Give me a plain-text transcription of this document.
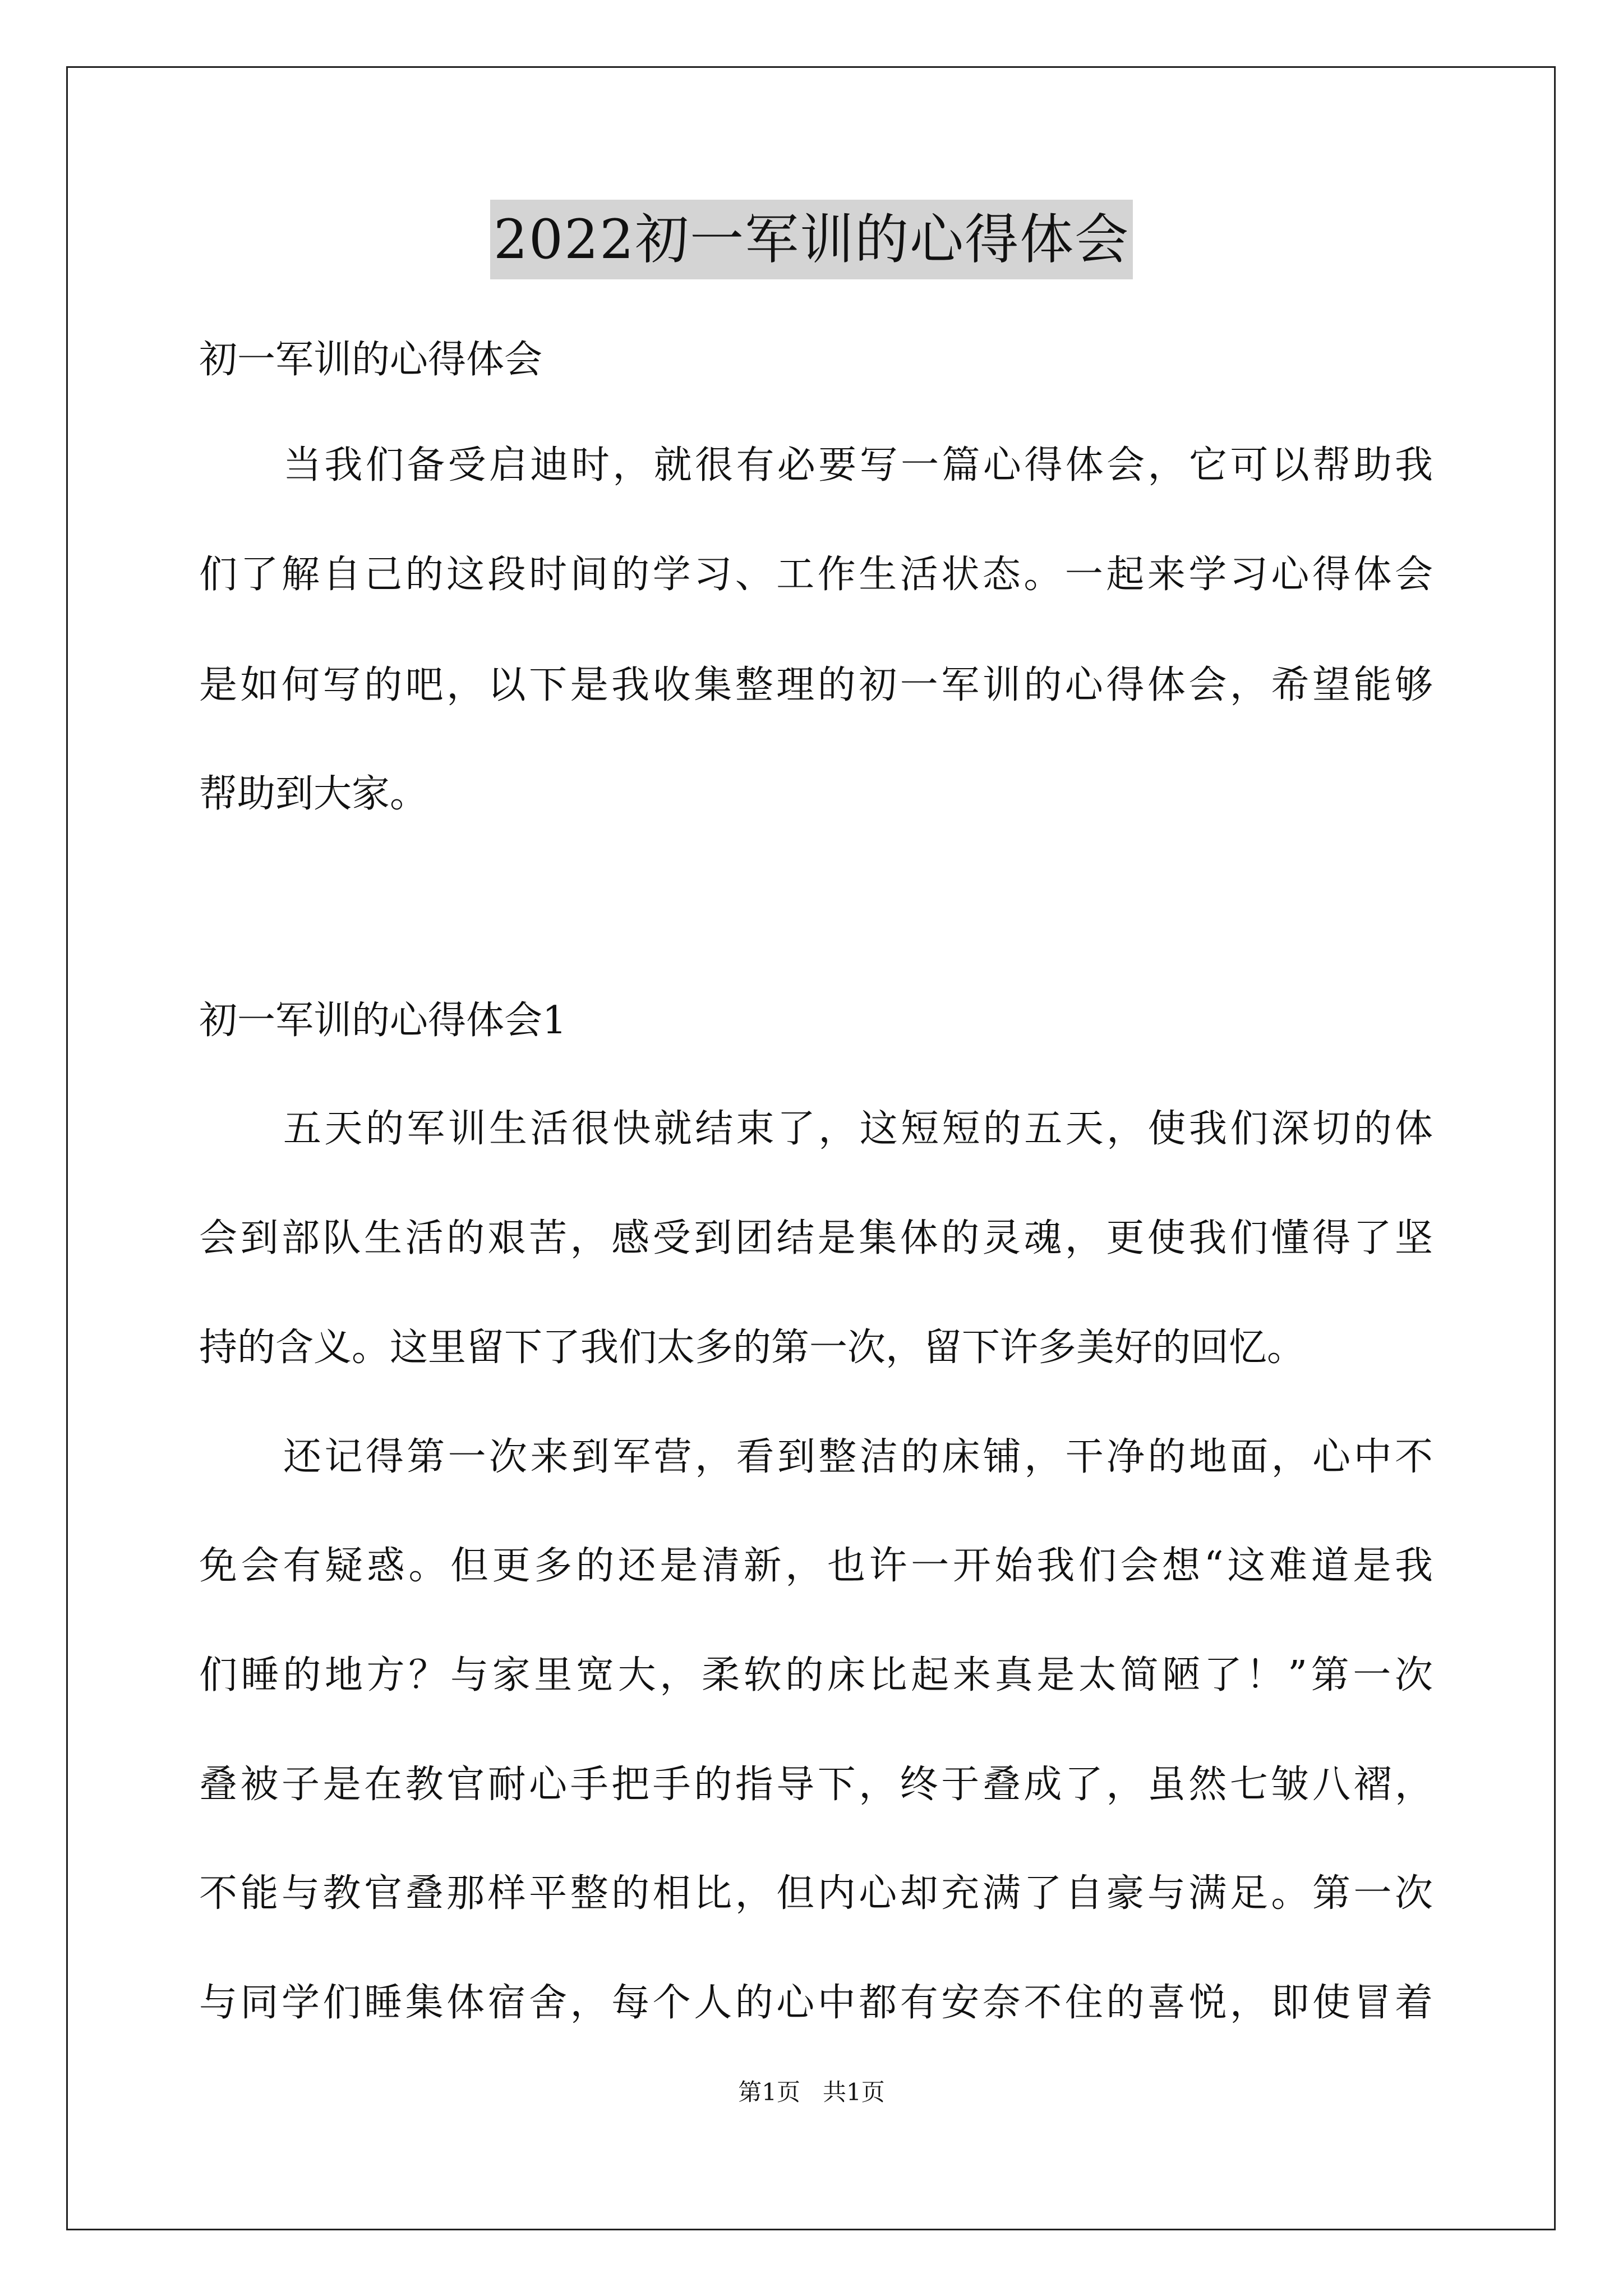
2022初一军训的心得体会
初一军训的心得体会
当我们备受启迪时，就很有必要写一篇心得体会，它可以帮助我
们了解自己的这段时间的学习、工作生活状态。一起来学习心得体会
是如何写的吧，以下是我收集整理的初一军训的心得体会，希望能够
帮助到大家。
初一军训的心得体会1
五天的军训生活很快就结束了，这短短的五天，使我们深切的体
会到部队生活的艰苦，感受到团结是集体的灵魂，更使我们懂得了坚
持的含义。这里留下了我们太多的第一次，留下许多美好的回忆。
还记得第一次来到军营，看到整洁的床铺，干净的地面，心中不
免会有疑惑。但更多的还是清新，也许一开始我们会想“这难道是我
们睡的地方？与家里宽大，柔软的床比起来真是太简陋了！”第一次
叠被子是在教官耐心手把手的指导下，终于叠成了，虽然七皱八褶，
不能与教官叠那样平整的相比，但内心却充满了自豪与满足。第一次
与同学们睡集体宿舍，每个人的心中都有安奈不住的喜悦，即使冒着
第1页 共1页
